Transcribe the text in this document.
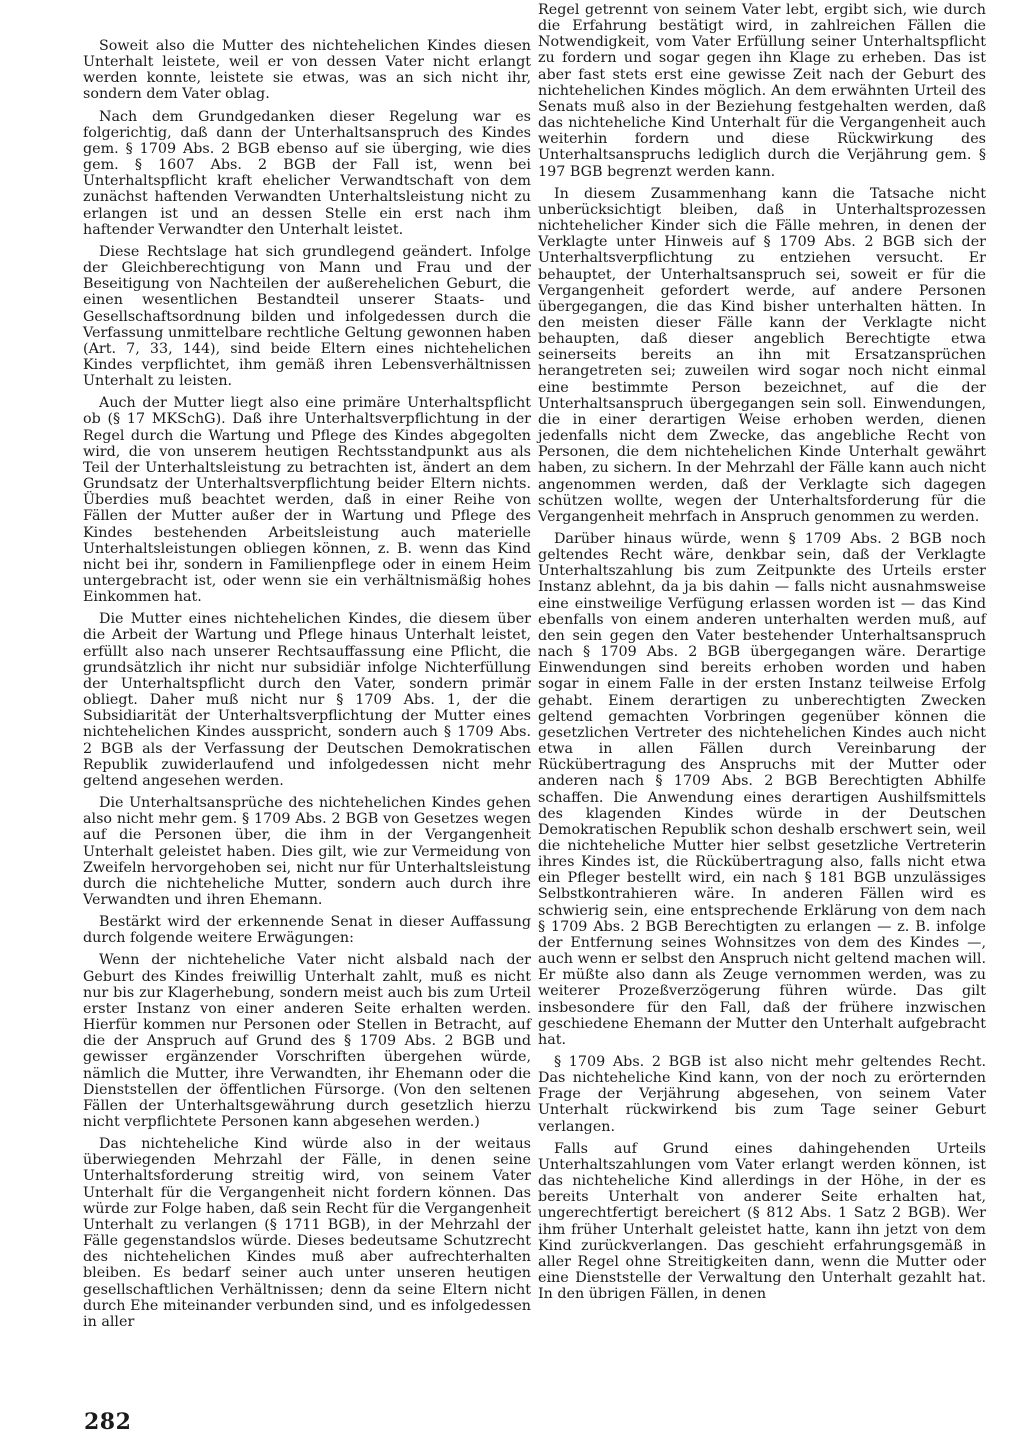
Soweit also die Mutter des nichtehelichen Kindes diesen Unterhalt leistete, weil er von dessen Vater nicht erlangt werden konnte, leistete sie etwas, was an sich nicht ihr, sondern dem Vater oblag.

Nach dem Grundgedanken dieser Regelung war es folgerichtig, daß dann der Unterhaltsanspruch des Kindes gem. § 1709 Abs. 2 BGB ebenso auf sie überging, wie dies gem. § 1607 Abs. 2 BGB der Fall ist, wenn bei Unterhaltspflicht kraft ehelicher Verwandtschaft von dem zunächst haftenden Verwandten Unterhaltsleistung nicht zu erlangen ist und an dessen Stelle ein erst nach ihm haftender Verwandter den Unterhalt leistet.

Diese Rechtslage hat sich grundlegend geändert. Infolge der Gleichberechtigung von Mann und Frau und der Beseitigung von Nachteilen der außerehelichen Geburt, die einen wesentlichen Bestandteil unserer Staats- und Gesellschaftsordnung bilden und infolgedessen durch die Verfassung unmittelbare rechtliche Geltung gewonnen haben (Art. 7, 33, 144), sind beide Eltern eines nichtehelichen Kindes verpflichtet, ihm gemäß ihren Lebensverhältnissen Unterhalt zu leisten.

Auch der Mutter liegt also eine primäre Unterhaltspflicht ob (§ 17 MKSchG). Daß ihre Unterhaltsverpflichtung in der Regel durch die Wartung und Pflege des Kindes abgegolten wird, die von unserem heutigen Rechtsstandpunkt aus als Teil der Unterhaltsleistung zu betrachten ist, ändert an dem Grundsatz der Unterhaltsverpflichtung beider Eltern nichts. Überdies muß beachtet werden, daß in einer Reihe von Fällen der Mutter außer der in Wartung und Pflege des Kindes bestehenden Arbeitsleistung auch materielle Unterhaltsleistungen obliegen können, z. B. wenn das Kind nicht bei ihr, sondern in Familienpflege oder in einem Heim untergebracht ist, oder wenn sie ein verhältnismäßig hohes Einkommen hat.

Die Mutter eines nichtehelichen Kindes, die diesem über die Arbeit der Wartung und Pflege hinaus Unterhalt leistet, erfüllt also nach unserer Rechtsauffassung eine Pflicht, die grundsätzlich ihr nicht nur subsidiär infolge Nichterfüllung der Unterhaltspflicht durch den Vater, sondern primär obliegt. Daher muß nicht nur § 1709 Abs. 1, der die Subsidiarität der Unterhaltsverpflichtung der Mutter eines nichtehelichen Kindes ausspricht, sondern auch § 1709 Abs. 2 BGB als der Verfassung der Deutschen Demokratischen Republik zuwiderlaufend und infolgedessen nicht mehr geltend angesehen werden.

Die Unterhaltsansprüche des nichtehelichen Kindes gehen also nicht mehr gem. § 1709 Abs. 2 BGB von Gesetzes wegen auf die Personen über, die ihm in der Vergangenheit Unterhalt geleistet haben. Dies gilt, wie zur Vermeidung von Zweifeln hervorgehoben sei, nicht nur für Unterhaltsleistung durch die nichteheliche Mutter, sondern auch durch ihre Verwandten und ihren Ehemann.

Bestärkt wird der erkennende Senat in dieser Auffassung durch folgende weitere Erwägungen:

Wenn der nichteheliche Vater nicht alsbald nach der Geburt des Kindes freiwillig Unterhalt zahlt, muß es nicht nur bis zur Klagerhebung, sondern meist auch bis zum Urteil erster Instanz von einer anderen Seite erhalten werden. Hierfür kommen nur Personen oder Stellen in Betracht, auf die der Anspruch auf Grund des § 1709 Abs. 2 BGB und gewisser ergänzender Vorschriften übergehen würde, nämlich die Mutter, ihre Verwandten, ihr Ehemann oder die Dienststellen der öffentlichen Fürsorge. (Von den seltenen Fällen der Unterhaltsgewährung durch gesetzlich hierzu nicht verpflichtete Personen kann abgesehen werden.)

Das nichteheliche Kind würde also in der weitaus überwiegenden Mehrzahl der Fälle, in denen seine Unterhaltsforderung streitig wird, von seinem Vater Unterhalt für die Vergangenheit nicht fordern können. Das würde zur Folge haben, daß sein Recht für die Vergangenheit Unterhalt zu verlangen (§ 1711 BGB), in der Mehrzahl der Fälle gegenstandslos würde. Dieses bedeutsame Schutzrecht des nichtehelichen Kindes muß aber aufrechterhalten bleiben. Es bedarf seiner auch unter unseren heutigen gesellschaftlichen Verhältnissen; denn da seine Eltern nicht durch Ehe miteinander verbunden sind, und es infolgedessen in aller

Regel getrennt von seinem Vater lebt, ergibt sich, wie durch die Erfahrung bestätigt wird, in zahlreichen Fällen die Notwendigkeit, vom Vater Erfüllung seiner Unterhaltspflicht zu fordern und sogar gegen ihn Klage zu erheben. Das ist aber fast stets erst eine gewisse Zeit nach der Geburt des nichtehelichen Kindes möglich. An dem erwähnten Urteil des Senats muß also in der Beziehung festgehalten werden, daß das nichteheliche Kind Unterhalt für die Vergangenheit auch weiterhin fordern und diese Rückwirkung des Unterhaltsanspruchs lediglich durch die Verjährung gem. § 197 BGB begrenzt werden kann.

In diesem Zusammenhang kann die Tatsache nicht unberücksichtigt bleiben, daß in Unterhaltsprozessen nichtehelicher Kinder sich die Fälle mehren, in denen der Verklagte unter Hinweis auf § 1709 Abs. 2 BGB sich der Unterhaltsverpflichtung zu entziehen versucht. Er behauptet, der Unterhaltsanspruch sei, soweit er für die Vergangenheit gefordert werde, auf andere Personen übergegangen, die das Kind bisher unterhalten hätten. In den meisten dieser Fälle kann der Verklagte nicht behaupten, daß dieser angeblich Berechtigte etwa seinerseits bereits an ihn mit Ersatzansprüchen herangetreten sei; zuweilen wird sogar noch nicht einmal eine bestimmte Person bezeichnet, auf die der Unterhaltsanspruch übergegangen sein soll. Einwendungen, die in einer derartigen Weise erhoben werden, dienen jedenfalls nicht dem Zwecke, das angebliche Recht von Personen, die dem nichtehelichen Kinde Unterhalt gewährt haben, zu sichern. In der Mehrzahl der Fälle kann auch nicht angenommen werden, daß der Verklagte sich dagegen schützen wollte, wegen der Unterhaltsforderung für die Vergangenheit mehrfach in Anspruch genommen zu werden.

Darüber hinaus würde, wenn § 1709 Abs. 2 BGB noch geltendes Recht wäre, denkbar sein, daß der Verklagte Unterhaltszahlung bis zum Zeitpunkte des Urteils erster Instanz ablehnt, da ja bis dahin — falls nicht ausnahmsweise eine einstweilige Verfügung erlassen worden ist — das Kind ebenfalls von einem anderen unterhalten werden muß, auf den sein gegen den Vater bestehender Unterhaltsanspruch nach § 1709 Abs. 2 BGB übergegangen wäre. Derartige Einwendungen sind bereits erhoben worden und haben sogar in einem Falle in der ersten Instanz teilweise Erfolg gehabt. Einem derartigen zu unberechtigten Zwecken geltend gemachten Vorbringen gegenüber können die gesetzlichen Vertreter des nichtehelichen Kindes auch nicht etwa in allen Fällen durch Vereinbarung der Rückübertragung des Anspruchs mit der Mutter oder anderen nach § 1709 Abs. 2 BGB Berechtigten Abhilfe schaffen. Die Anwendung eines derartigen Aushilfsmittels des klagenden Kindes würde in der Deutschen Demokratischen Republik schon deshalb erschwert sein, weil die nichteheliche Mutter hier selbst gesetzliche Vertreterin ihres Kindes ist, die Rückübertragung also, falls nicht etwa ein Pfleger bestellt wird, ein nach § 181 BGB unzulässiges Selbstkontrahieren wäre. In anderen Fällen wird es schwierig sein, eine entsprechende Erklärung von dem nach § 1709 Abs. 2 BGB Berechtigten zu erlangen — z. B. infolge der Entfernung seines Wohnsitzes von dem des Kindes —, auch wenn er selbst den Anspruch nicht geltend machen will. Er müßte also dann als Zeuge vernommen werden, was zu weiterer Prozeßverzögerung führen würde. Das gilt insbesondere für den Fall, daß der frühere inzwischen geschiedene Ehemann der Mutter den Unterhalt aufgebracht hat.

§ 1709 Abs. 2 BGB ist also nicht mehr geltendes Recht. Das nichteheliche Kind kann, von der noch zu erörternden Frage der Verjährung abgesehen, von seinem Vater Unterhalt rückwirkend bis zum Tage seiner Geburt verlangen.

Falls auf Grund eines dahingehenden Urteils Unterhaltszahlungen vom Vater erlangt werden können, ist das nichteheliche Kind allerdings in der Höhe, in der es bereits Unterhalt von anderer Seite erhalten hat, ungerechtfertigt bereichert (§ 812 Abs. 1 Satz 2 BGB). Wer ihm früher Unterhalt geleistet hatte, kann ihn jetzt von dem Kind zurückverlangen. Das geschieht erfahrungsgemäß in aller Regel ohne Streitigkeiten dann, wenn die Mutter oder eine Dienststelle der Verwaltung den Unterhalt gezahlt hat. In den übrigen Fällen, in denen

282
